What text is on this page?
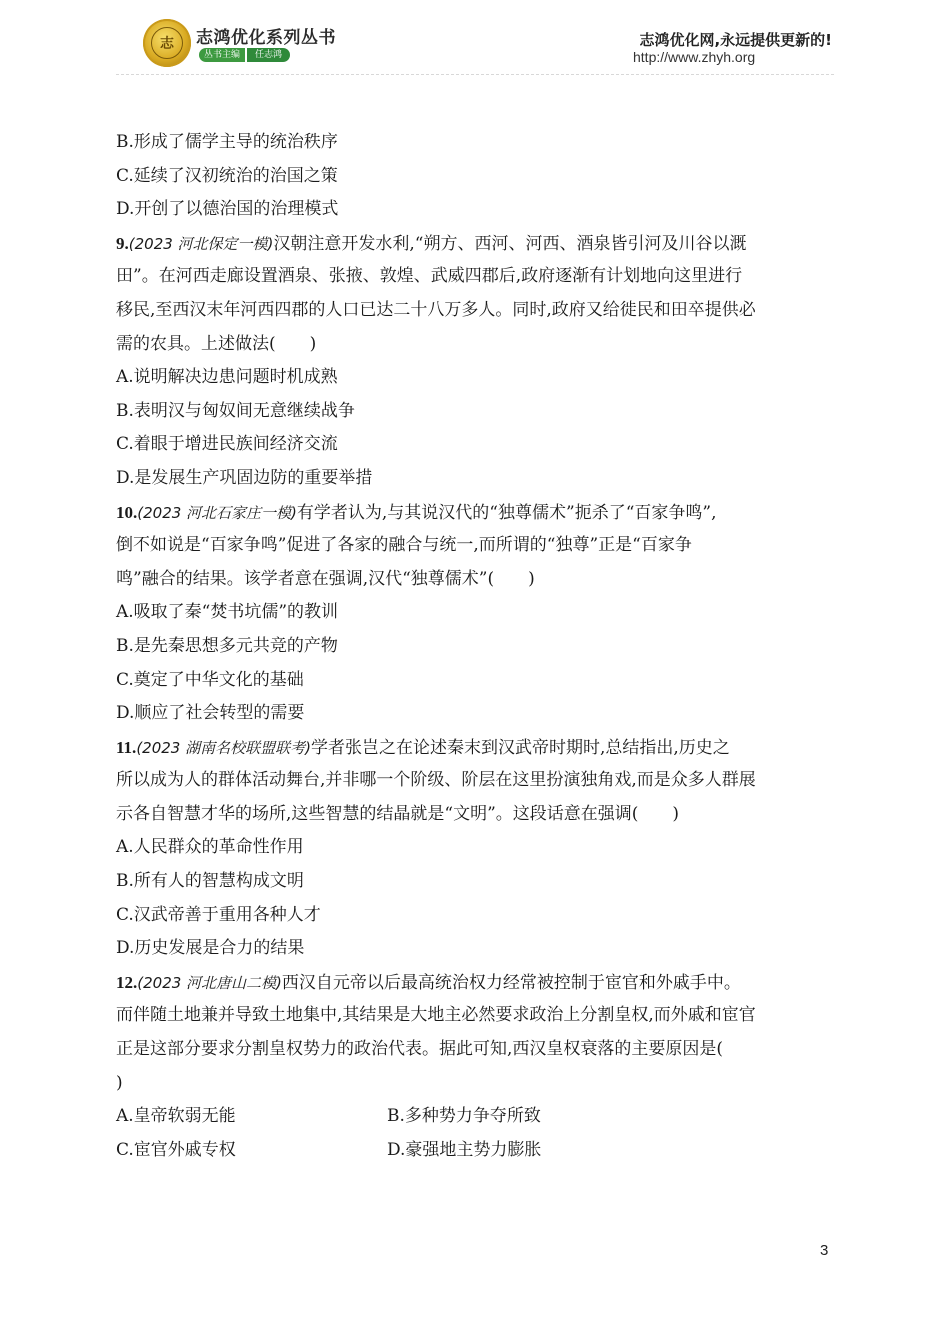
志	志鸿优化系列丛书
丛书主编	任志鸿
志鸿优化网,永远提供更新的!
http://www.zhyh.org
B.形成了儒学主导的统治秩序
C.延续了汉初统治的治国之策
D.开创了以德治国的治理模式
9.(2023 河北保定一模)汉朝注意开发水利,“朔方、西河、河西、酒泉皆引河及川谷以溉
田”。在河西走廊设置酒泉、张掖、敦煌、武威四郡后,政府逐渐有计划地向这里进行
移民,至西汉末年河西四郡的人口已达二十八万多人。同时,政府又给徙民和田卒提供必
需的农具。上述做法(　　)
A.说明解决边患问题时机成熟
B.表明汉与匈奴间无意继续战争
C.着眼于增进民族间经济交流
D.是发展生产巩固边防的重要举措
10.(2023 河北石家庄一模)有学者认为,与其说汉代的“独尊儒术”扼杀了“百家争鸣”,
倒不如说是“百家争鸣”促进了各家的融合与统一,而所谓的“独尊”正是“百家争
鸣”融合的结果。该学者意在强调,汉代“独尊儒术”(　　)
A.吸取了秦“焚书坑儒”的教训
B.是先秦思想多元共竞的产物
C.奠定了中华文化的基础
D.顺应了社会转型的需要
11.(2023 湖南名校联盟联考)学者张岂之在论述秦末到汉武帝时期时,总结指出,历史之
所以成为人的群体活动舞台,并非哪一个阶级、阶层在这里扮演独角戏,而是众多人群展
示各自智慧才华的场所,这些智慧的结晶就是“文明”。这段话意在强调(　　)
A.人民群众的革命性作用
B.所有人的智慧构成文明
C.汉武帝善于重用各种人才
D.历史发展是合力的结果
12.(2023 河北唐山二模)西汉自元帝以后最高统治权力经常被控制于宦官和外戚手中。
而伴随土地兼并导致土地集中,其结果是大地主必然要求政治上分割皇权,而外戚和宦官
正是这部分要求分割皇权势力的政治代表。据此可知,西汉皇权衰落的主要原因是(
)
A.皇帝软弱无能	B.多种势力争夺所致
C.宦官外戚专权	D.豪强地主势力膨胀
3
